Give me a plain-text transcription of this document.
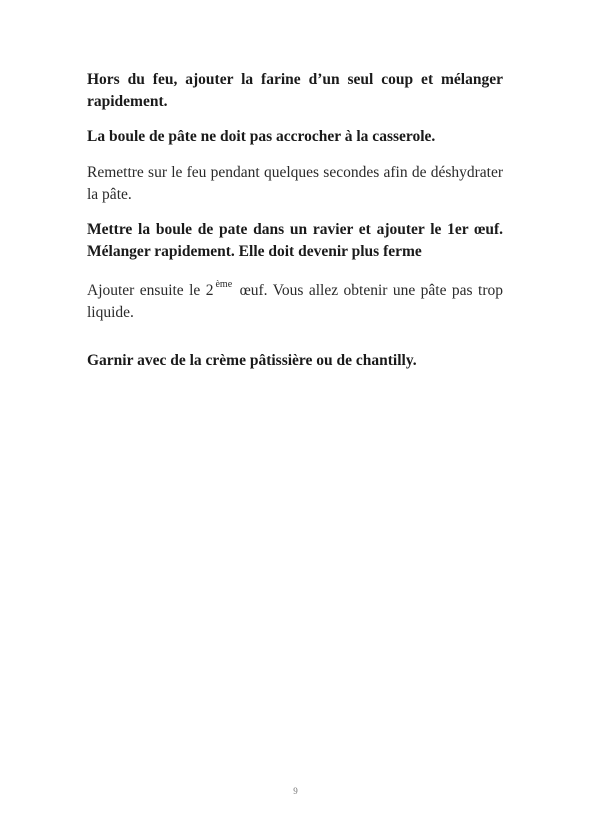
Hors du feu, ajouter la farine d’un seul coup et mélanger rapidement.

La boule de pâte ne doit pas accrocher à la casserole.

Remettre sur le feu pendant quelques secondes afin de déshydrater la pâte.

Mettre la boule de pate dans un ravier et ajouter le 1er œuf. Mélanger rapidement. Elle doit devenir plus ferme

Ajouter ensuite le 2 $^{ème}$ œuf. Vous allez obtenir une pâte pas trop liquide.

Garnir avec de la crème pâtissière ou de chantilly.

9
